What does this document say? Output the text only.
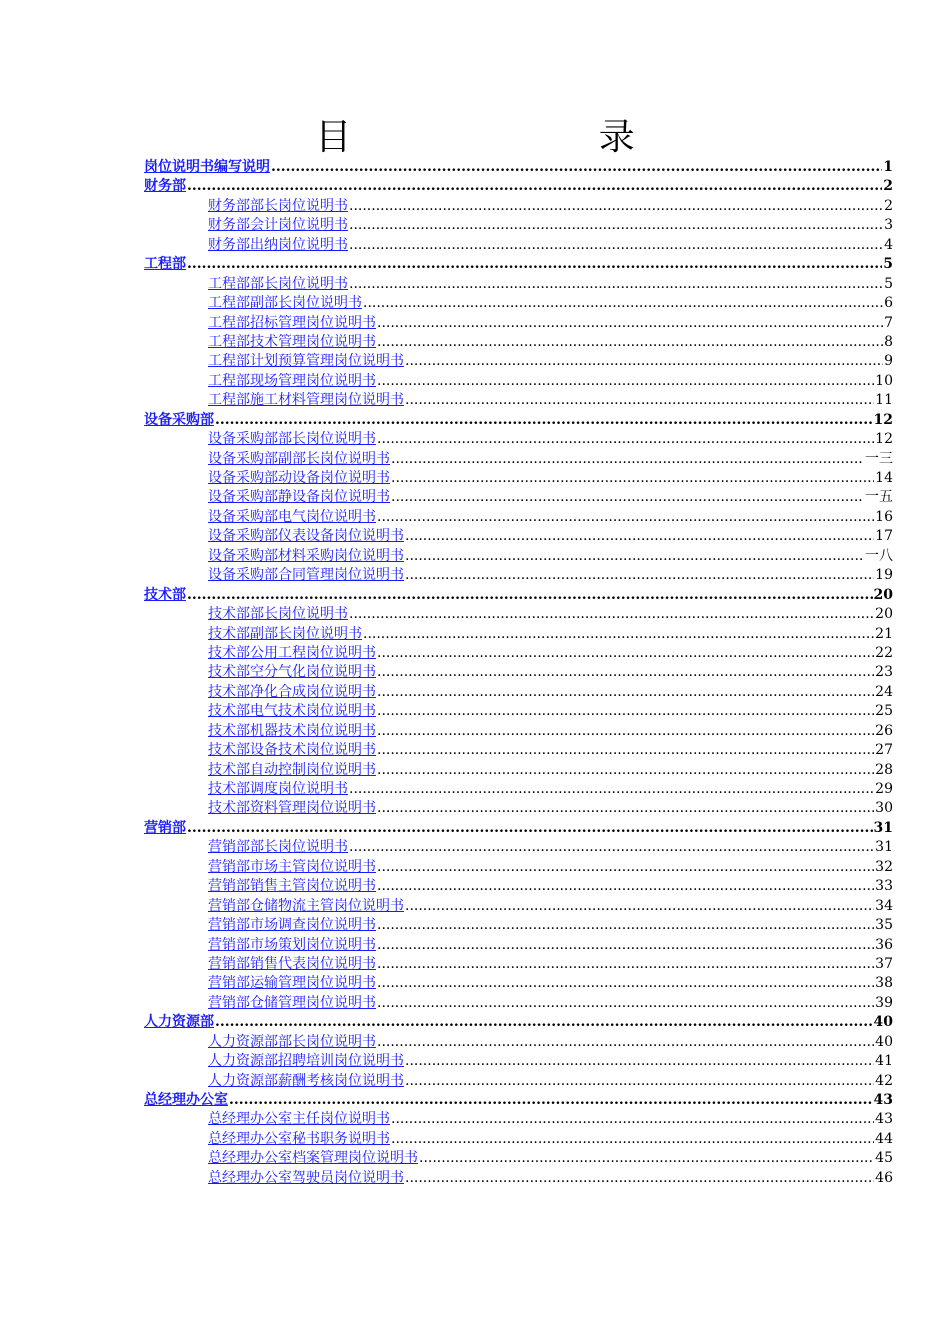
目 录
岗位说明书编写说明 .....	1
财务部 .....	2
财务部部长岗位说明书 .....	2
财务部会计岗位说明书 .....	3
财务部出纳岗位说明书 .....	4
工程部 .....	5
工程部部长岗位说明书 .....	5
工程部副部长岗位说明书 .....	6
工程部招标管理岗位说明书 .....	7
工程部技术管理岗位说明书 .....	8
工程部计划预算管理岗位说明书 .....	9
工程部现场管理岗位说明书 .....	10
工程部施工材料管理岗位说明书 .....	11
设备采购部 .....	12
设备采购部部长岗位说明书 .....	12
设备采购部副部长岗位说明书 .....	一三
设备采购部动设备岗位说明书 .....	14
设备采购部静设备岗位说明书 .....	一五
设备采购部电气岗位说明书 .....	16
设备采购部仪表设备岗位说明书 .....	17
设备采购部材料采购岗位说明书 .....	一八
设备采购部合同管理岗位说明书 .....	19
技术部 .....	20
技术部部长岗位说明书 .....	20
技术部副部长岗位说明书 .....	21
技术部公用工程岗位说明书 .....	22
技术部空分气化岗位说明书 .....	23
技术部净化合成岗位说明书 .....	24
技术部电气技术岗位说明书 .....	25
技术部机器技术岗位说明书 .....	26
技术部设备技术岗位说明书 .....	27
技术部自动控制岗位说明书 .....	28
技术部调度岗位说明书 .....	29
技术部资料管理岗位说明书 .....	30
营销部 .....	31
营销部部长岗位说明书 .....	31
营销部市场主管岗位说明书 .....	32
营销部销售主管岗位说明书 .....	33
营销部仓储物流主管岗位说明书 .....	34
营销部市场调查岗位说明书 .....	35
营销部市场策划岗位说明书 .....	36
营销部销售代表岗位说明书 .....	37
营销部运输管理岗位说明书 .....	38
营销部仓储管理岗位说明书 .....	39
人力资源部 .....	40
人力资源部部长岗位说明书 .....	40
人力资源部招聘培训岗位说明书 .....	41
人力资源部薪酬考核岗位说明书 .....	42
总经理办公室 .....	43
总经理办公室主任岗位说明书 .....	43
总经理办公室秘书职务说明书 .....	44
总经理办公室档案管理岗位说明书 .....	45
总经理办公室驾驶员岗位说明书 .....	46
